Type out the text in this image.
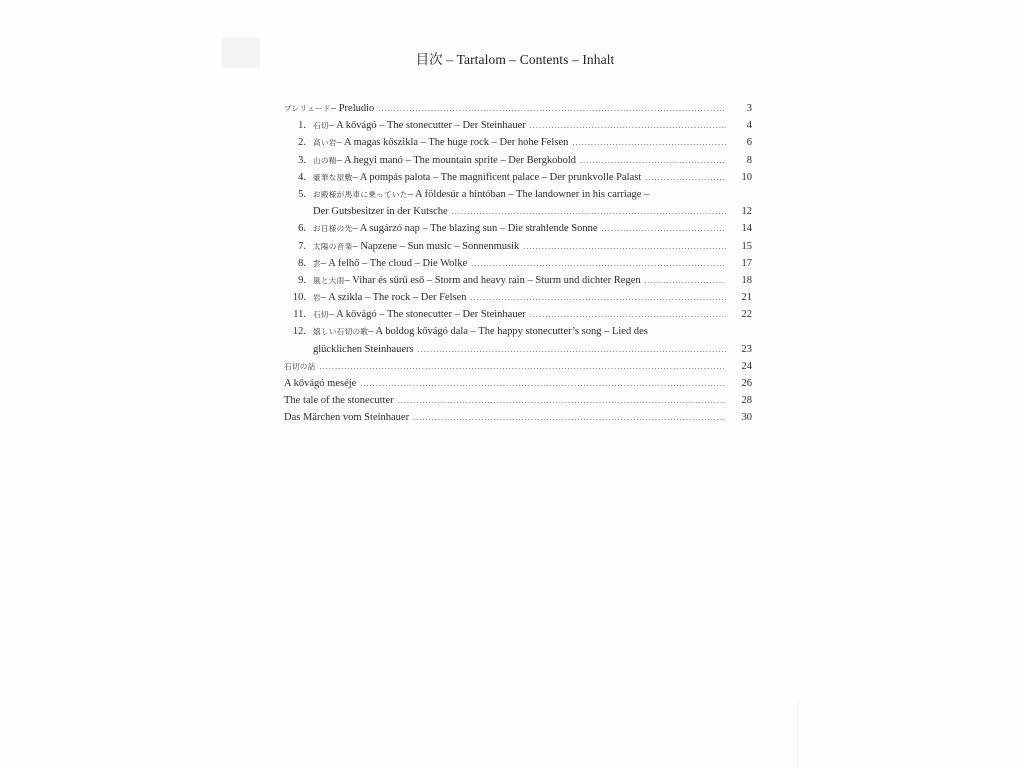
目次 – Tartalom – Contents – Inhalt
プレリュード – Preludio .....	3
1. 石切 – A kővágó – The stonecutter – Der Steinhauer .....	4
2. 高い岩 – A magas kőszikla – The huge rock – Der hohe Felsen .....	6
3. 山の精 – A hegyi manó – The mountain sprite – Der Bergkobold .....	8
4. 豪華な屋敷 – A pompás palota – The magnificent palace – Der prunkvolle Palast .....	10
5. お殿様が馬車に乗っていた – A földesúr a hintóban – The landowner in his carriage –
Der Gutsbesitzer in der Kutsche .....	12
6. お日様の光 – A sugárzó nap – The blazing sun – Die strahlende Sonne .....	14
7. 太陽の音楽 – Napzene – Sun music – Sonnenmusik .....	15
8. 雲 – A felhő – The cloud – Die Wolke .....	17
9. 嵐と大雨 – Vihar és sűrű eső – Storm and heavy rain – Sturm und dichter Regen .....	18
10. 岩 – A szikla – The rock – Der Felsen .....	21
11. 石切 – A kővágó – The stonecutter – Der Steinhauer .....	22
12. 嬉しい石切の歌 – A boldog kővágó dala – The happy stonecutter’s song – Lied des
glücklichen Steinhauers .....	23
石切の話 .....	24
A kővágó meséje .....	26
The tale of the stonecutter .....	28
Das Märchen vom Steinhauer .....	30
